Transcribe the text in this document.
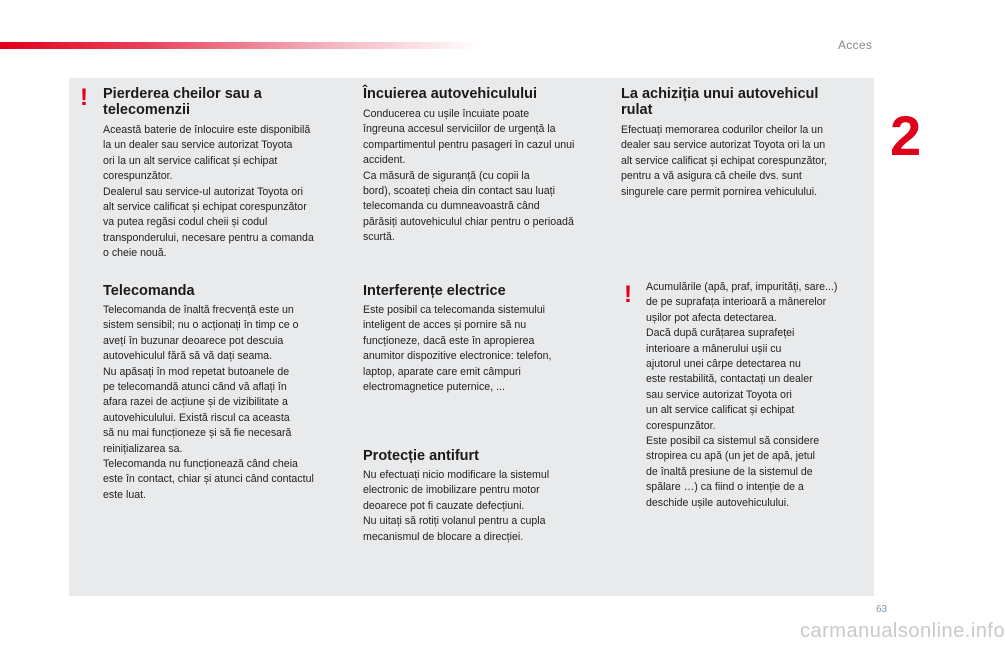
Acces
2
! Pierderea cheilor sau a
telecomenzii

Această baterie de înlocuire este disponibilă
la un dealer sau service autorizat Toyota
ori la un alt service calificat și echipat
corespunzător.
Dealerul sau service-ul autorizat Toyota ori
alt service calificat și echipat corespunzător
va putea regăsi codul cheii și codul
transponderului, necesare pentru a comanda
o cheie nouă.

Telecomanda

Telecomanda de înaltă frecvență este un
sistem sensibil; nu o acționați în timp ce o
avețí în buzunar deoarece pot descuia
autovehiculul fără să vă dați seama.
Nu apăsați în mod repetat butoanele de
pe telecomandă atunci când vă aflați în
afara razei de acțiune și de vizibilitate a
autovehiculului. Există riscul ca aceasta
să nu mai funcționeze și să fie necesară
reinițializarea sa.
Telecomanda nu funcționează când cheia
este în contact, chiar și atunci când contactul
este luat.

Încuierea autovehiculului

Conducerea cu ușile încuiate poate
îngreuna accesul serviciilor de urgență la
compartimentul pentru pasageri în cazul unui
accident.
Ca măsură de siguranță (cu copii la
bord), scoateți cheia din contact sau luați
telecomanda cu dumneavoastră când
părăsiți autovehiculul chiar pentru o perioadă
scurtă.

Interferențe electrice

Este posibil ca telecomanda sistemului
inteligent de acces și pornire să nu
funcționeze, dacă este în apropierea
anumitor dispozitive electronice: telefon,
laptop, aparate care emit câmpuri
electromagnetice puternice, ...

Protecție antifurt

Nu efectuați nicio modificare la sistemul
electronic de imobilizare pentru motor
deoarece pot fi cauzate defecțiuni.
Nu uitați să rotiți volanul pentru a cupla
mecanismul de blocare a direcției.

La achiziția unui autovehicul
rulat

Efectuați memorarea codurilor cheilor la un
dealer sau service autorizat Toyota ori la un
alt service calificat și echipat corespunzător,
pentru a vă asigura că cheile dvs. sunt
singurele care permit pornirea vehiculului.

! Acumulările (apă, praf, impurități, sare...)
de pe suprafața interioară a mânerelor
ușilor pot afecta detectarea.
Dacă după curățarea suprafeței
interioare a mânerului ușii cu
ajutorul unei cârpe detectarea nu
este restabilită, contactați un dealer
sau service autorizat Toyota ori
un alt service calificat și echipat
corespunzător.
Este posibil ca sistemul să considere
stropirea cu apă (un jet de apă, jetul
de înaltă presiune de la sistemul de
spălare …) ca fiind o intenție de a
deschide ușile autovehiculului.

63
carmanualsonline.info
